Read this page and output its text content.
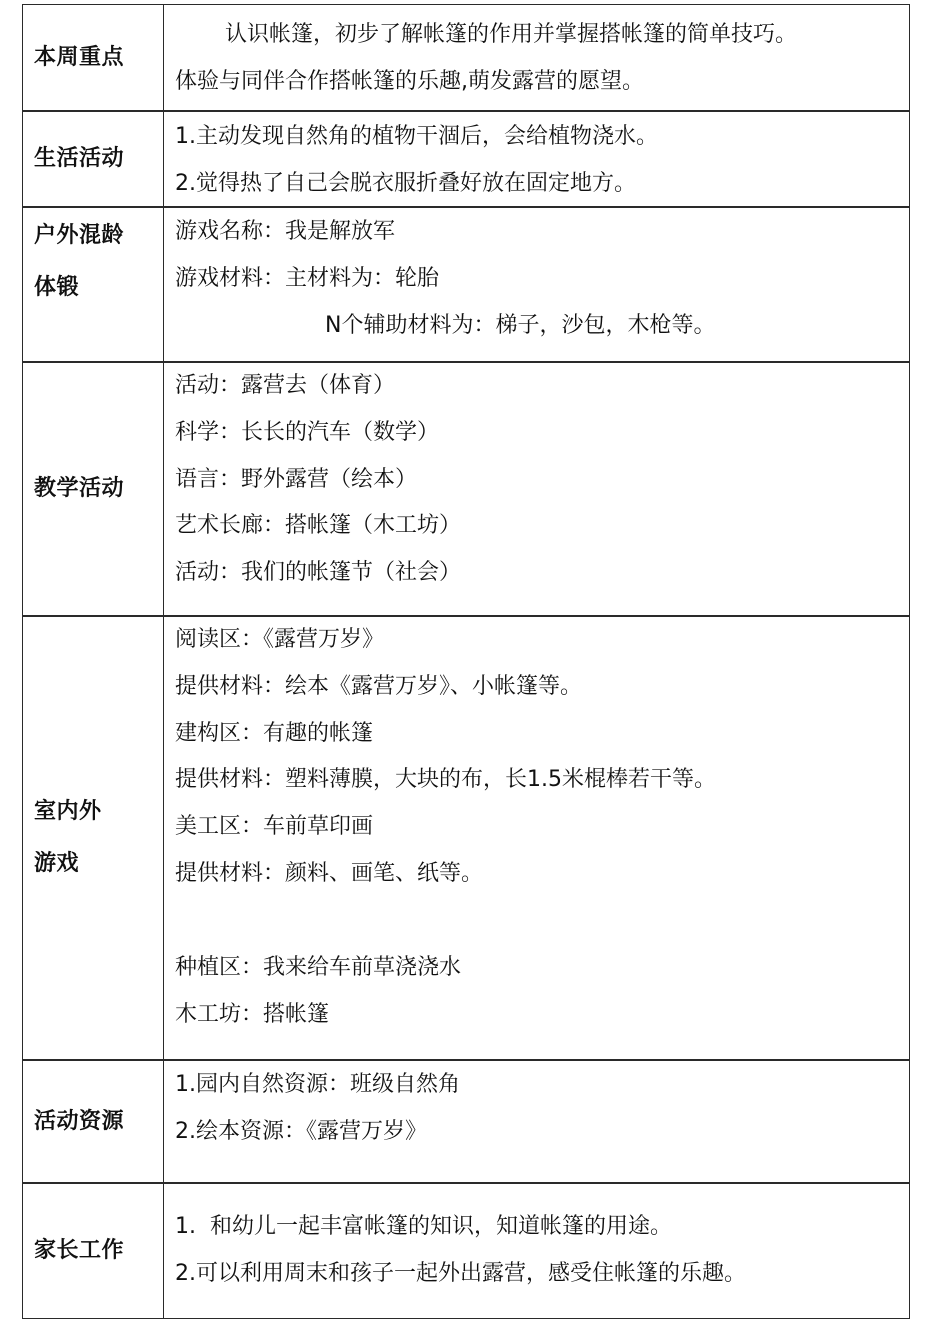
本周重点
认识帐篷，初步了解帐篷的作用并掌握搭帐篷的简单技巧。
体验与同伴合作搭帐篷的乐趣,萌发露营的愿望。
生活活动
1.主动发现自然角的植物干涸后，会给植物浇水。
2.觉得热了自己会脱衣服折叠好放在固定地方。
户外混龄
体锻
游戏名称：我是解放军
游戏材料：主材料为：轮胎
N个辅助材料为：梯子，沙包，木枪等。
教学活动
活动：露营去（体育）
科学：长长的汽车（数学）
语言：野外露营（绘本）
艺术长廊：搭帐篷（木工坊）
活动：我们的帐篷节（社会）
室内外
游戏
阅读区：《露营万岁》
提供材料：绘本《露营万岁》、小帐篷等。
建构区：有趣的帐篷
提供材料：塑料薄膜，大块的布，长1.5米棍棒若干等。
美工区：车前草印画
提供材料：颜料、画笔、纸等。
种植区：我来给车前草浇浇水
木工坊：搭帐篷
活动资源
1.园内自然资源：班级自然角
2.绘本资源：《露营万岁》
家长工作
1.  和幼儿一起丰富帐篷的知识，知道帐篷的用途。
2.可以利用周末和孩子一起外出露营，感受住帐篷的乐趣。
